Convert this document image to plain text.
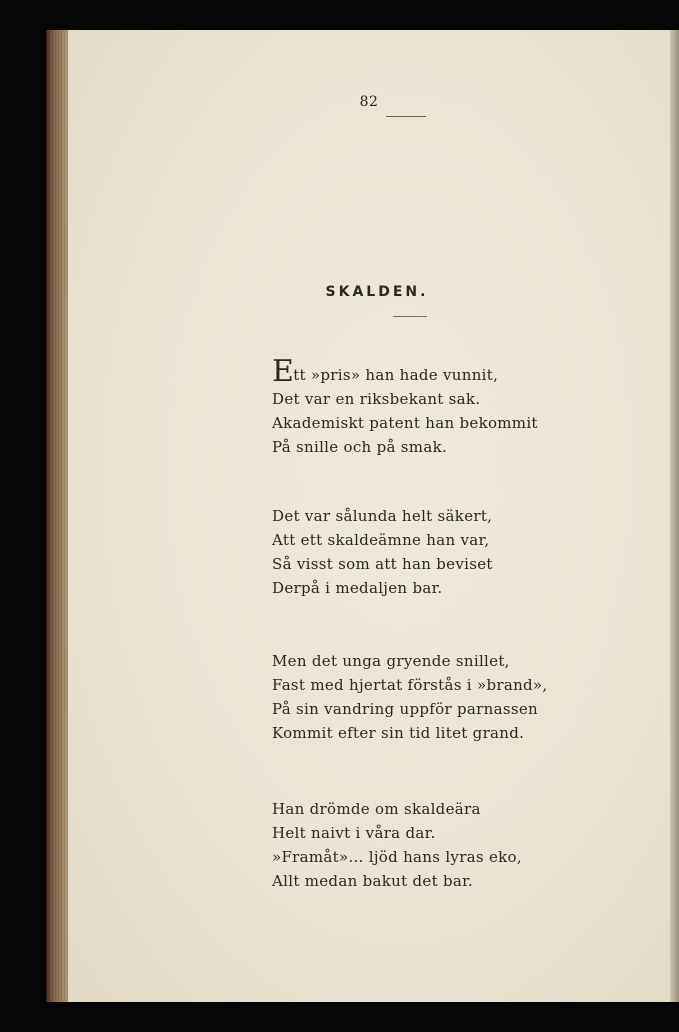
82
SKALDEN.
Ett »pris» han hade vunnit,
Det var en riksbekant sak.
Akademiskt patent han bekommit
På snille och på smak.
Det var sålunda helt säkert,
Att ett skaldeämne han var,
Så visst som att han beviset
Derpå i medaljen bar.
Men det unga gryende snillet,
Fast med hjertat förstås i »brand»,
På sin vandring uppför parnassen
Kommit efter sin tid litet grand.
Han drömde om skaldeära
Helt naivt i våra dar.
»Framåt»... ljöd hans lyras eko,
Allt medan bakut det bar.
